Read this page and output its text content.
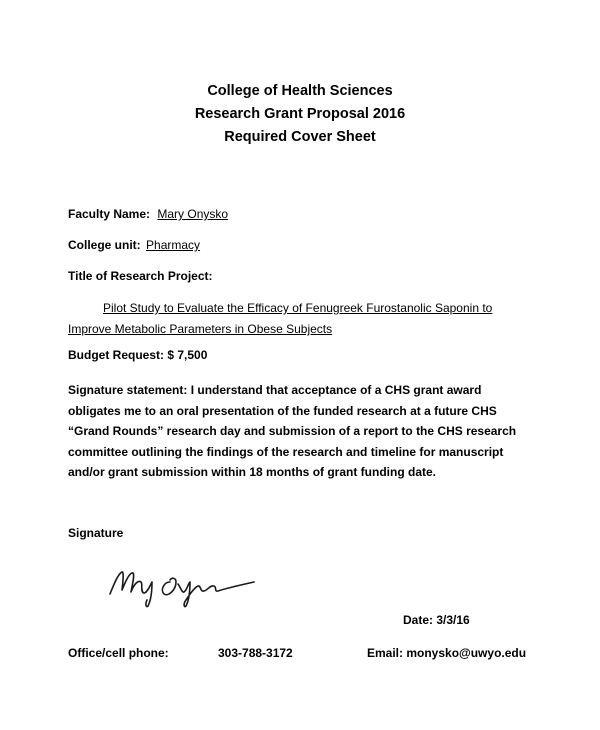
College of Health Sciences
Research Grant Proposal 2016
Required Cover Sheet
Faculty Name: Mary Onysko
College unit: Pharmacy
Title of Research Project:
Pilot Study to Evaluate the Efficacy of Fenugreek Furostanolic Saponin to
Improve Metabolic Parameters in Obese Subjects
Budget Request: $ 7,500
Signature statement: I understand that acceptance of a CHS grant award
obligates me to an oral presentation of the funded research at a future CHS
“Grand Rounds” research day and submission of a report to the CHS research
committee outlining the findings of the research and timeline for manuscript
and/or grant submission within 18 months of grant funding date.
Signature
Date: 3/3/16
Office/cell phone:	303-788-3172	Email: monysko@uwyo.edu
